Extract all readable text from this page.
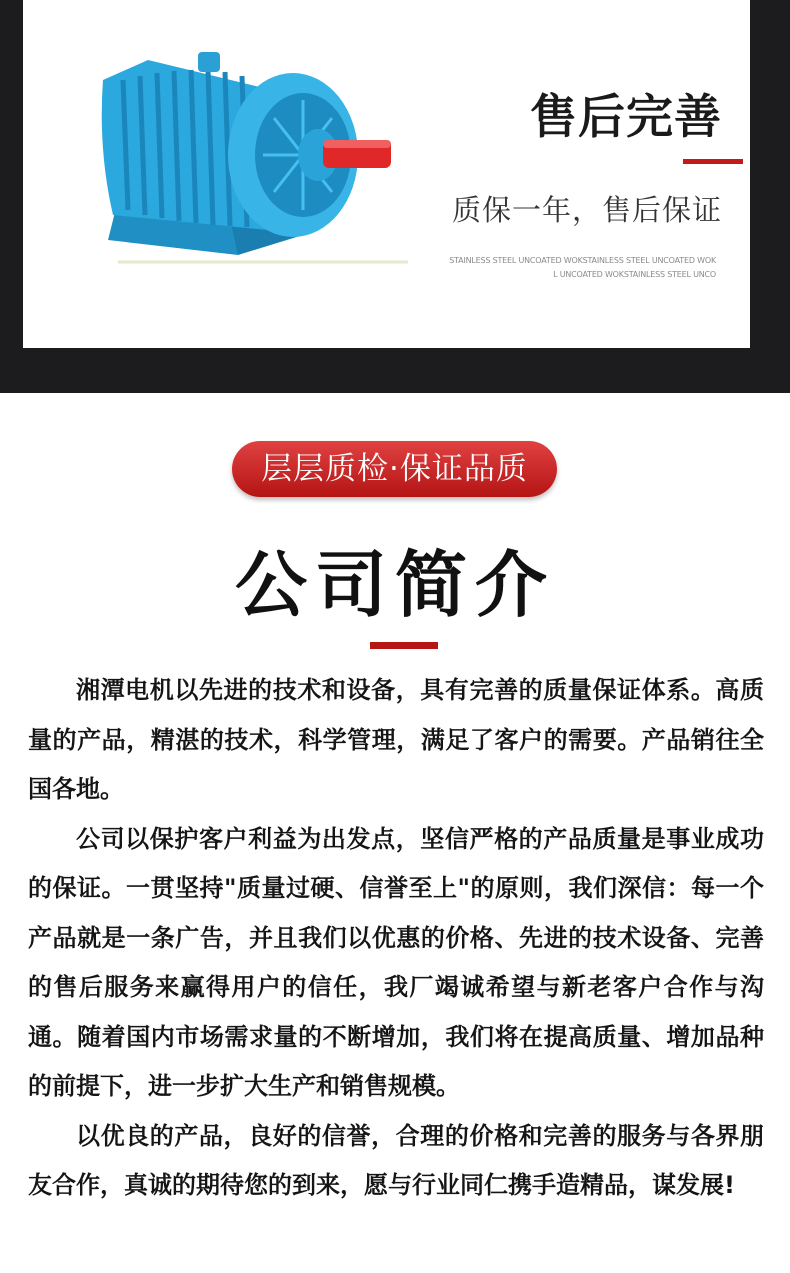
售后完善
质保一年，售后保证
STAINLESS STEEL UNCOATED WOKSTAINLESS STEEL UNCOATED WOK
L UNCOATED WOKSTAINLESS STEEL UNCO
层层质检·保证品质
公司简介

湘潭电机以先进的技术和设备，具有完善的质量保证体系。高质量的产品，精湛的技术，科学管理，满足了客户的需要。产品销往全国各地。

公司以保护客户利益为出发点，坚信严格的产品质量是事业成功的保证。一贯坚持"质量过硬、信誉至上"的原则，我们深信：每一个产品就是一条广告，并且我们以优惠的价格、先进的技术设备、完善的售后服务来赢得用户的信任，我厂竭诚希望与新老客户合作与沟通。随着国内市场需求量的不断增加，我们将在提高质量、增加品种的前提下，进一步扩大生产和销售规模。

以优良的产品，良好的信誉，合理的价格和完善的服务与各界朋友合作，真诚的期待您的到来，愿与行业同仁携手造精品，谋发展!
